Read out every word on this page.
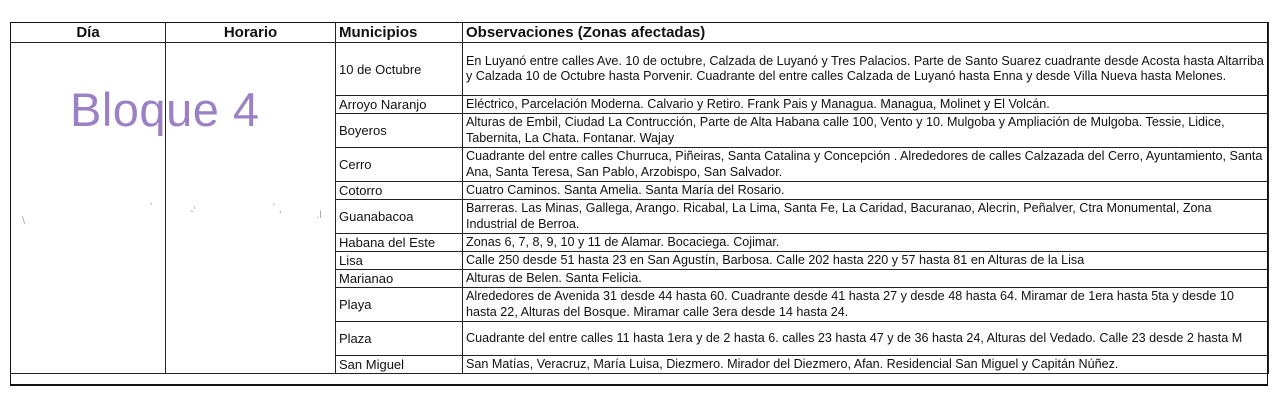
Día	Horario	Municipios	Observaciones (Zonas afectadas)
		10 de Octubre	En Luyanó entre calles Ave. 10 de octubre, Calzada de Luyanó y Tres Palacios. Parte de Santo Suarez cuadrante desde Acosta hasta Altarriba y Calzada 10 de Octubre hasta Porvenir. Cuadrante del entre calles Calzada de Luyanó hasta Enna y desde Villa Nueva hasta Melones.
		Arroyo Naranjo	Eléctrico, Parcelación Moderna. Calvario y Retiro. Frank Pais y Managua. Managua, Molinet y El Volcán.
		Boyeros	Alturas de Embil, Ciudad La Contrucción, Parte de Alta Habana calle 100, Vento y 10. Mulgoba y Ampliación de Mulgoba. Tessie, Lidice, Tabernita, La Chata. Fontanar. Wajay
		Cerro	Cuadrante del entre calles Churruca, Piñeiras, Santa Catalina y Concepción . Alrededores de calles Calzazada del Cerro, Ayuntamiento, Santa Ana, Santa Teresa, San Pablo, Arzobispo, San Salvador.
		Cotorro	Cuatro Caminos. Santa Amelia. Santa María del Rosario.
		Guanabacoa	Barreras. Las Minas, Gallega, Arango. Ricabal, La Lima, Santa Fe, La Caridad, Bacuranao, Alecrin, Peñalver, Ctra Monumental, Zona Industrial de Berroa.
		Habana del Este	Zonas 6, 7, 8, 9, 10 y 11 de Alamar. Bocaciega. Cojimar.
		Lisa	Calle 250 desde 51 hasta 23 en San Agustín, Barbosa. Calle 202 hasta 220 y 57 hasta 81 en Alturas de la Lisa
		Marianao	Alturas de Belen. Santa Felicia.
		Playa	Alrededores de Avenida 31 desde 44 hasta 60. Cuadrante desde 41 hasta 27 y desde 48 hasta 64. Miramar de 1era hasta 5ta y desde 10 hasta 22, Alturas del Bosque. Miramar calle 3era desde 14 hasta 24.
		Plaza	Cuadrante del entre calles 11 hasta 1era y de 2 hasta 6. calles 23 hasta 47 y de 36 hasta 24, Alturas del Vedado. Calle 23 desde 2 hasta M
		San Miguel	San Matías, Veracruz, María Luisa, Diezmero. Mirador del Diezmero, Afan. Residencial San Miguel y Capitán Núñez.
Bloque 4
\
'	-'	` ,	.I
